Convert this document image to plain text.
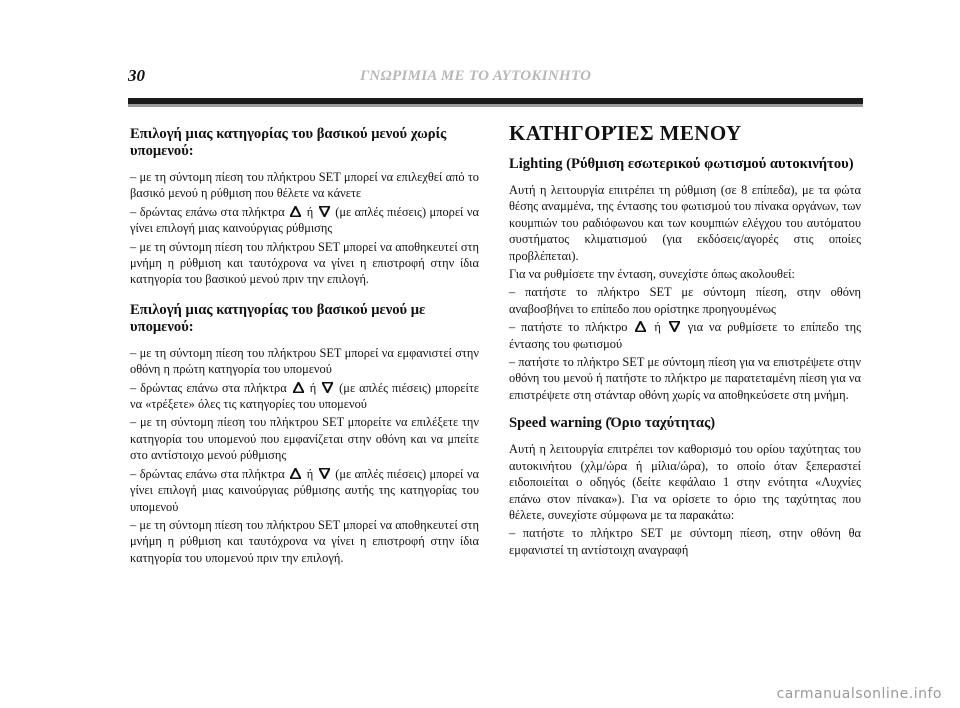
30	ΓΝΩΡΙΜΙΑ ΜΕ ΤΟ ΑΥΤΟΚΙΝΗΤΟ
Επιλογή μιας κατηγορίας του βασικού μενού χωρίς υπομενού:

– με τη σύντομη πίεση του πλήκτρου SET μπορεί να επιλεχθεί από το βασικό μενού η ρύθμιση που θέλετε να κάνετε

– δρώντας επάνω στα πλήκτρα ή (με απλές πιέσεις) μπορεί να γίνει επιλογή μιας καινούργιας ρύθμισης

– με τη σύντομη πίεση του πλήκτρου SET μπορεί να αποθηκευτεί στη μνήμη η ρύθμιση και ταυτόχρονα να γίνει η επιστροφή στην ίδια κατηγορία του βασικού μενού πριν την επιλογή.

Επιλογή μιας κατηγορίας του βασικού μενού με υπομενού:

– με τη σύντομη πίεση του πλήκτρου SET μπορεί να εμφανιστεί στην οθόνη η πρώτη κατηγορία του υπομενού

– δρώντας επάνω στα πλήκτρα ή (με απλές πιέσεις) μπορείτε να «τρέξετε» όλες τις κατηγορίες του υπομενού

– με τη σύντομη πίεση του πλήκτρου SET μπορείτε να επιλέξετε την κατηγορία του υπομενού που εμφανίζεται στην οθόνη και να μπείτε στο αντίστοιχο μενού ρύθμισης

– δρώντας επάνω στα πλήκτρα ή (με απλές πιέσεις) μπορεί να γίνει επιλογή μιας καινούργιας ρύθμισης αυτής της κατηγορίας του υπομενού

– με τη σύντομη πίεση του πλήκτρου SET μπορεί να αποθηκευτεί στη μνήμη η ρύθμιση και ταυτόχρονα να γίνει η επιστροφή στην ίδια κατηγορία του υπομενού πριν την επιλογή.

ΚΑΤΗΓΟΡΊΕΣ ΜΕΝΟΥ
Lighting (Ρύθμιση εσωτερικού φωτισμού αυτοκινήτου)

Αυτή η λειτουργία επιτρέπει τη ρύθμιση (σε 8 επίπεδα), με τα φώτα θέσης αναμμένα, της έντασης του φωτισμού του πίνακα οργάνων, των κουμπιών του ραδιόφωνου και των κουμπιών ελέγχου του αυτόματου συστήματος κλιματισμού (για εκδόσεις/αγορές στις οποίες προβλέπεται).

Για να ρυθμίσετε την ένταση, συνεχίστε όπως ακολουθεί:

– πατήστε το πλήκτρο SET με σύντομη πίεση, στην οθόνη αναβοσβήνει το επίπεδο που ορίστηκε προηγουμένως

– πατήστε το πλήκτρο ή για να ρυθμίσετε το επίπεδο της έντασης του φωτισμού

– πατήστε το πλήκτρο SET με σύντομη πίεση για να επιστρέψετε στην οθόνη του μενού ή πατήστε το πλήκτρο με παρατεταμένη πίεση για να επιστρέψετε στη στάνταρ οθόνη χωρίς να αποθηκεύσετε στη μνήμη.

Speed warning (Όριο ταχύτητας)

Αυτή η λειτουργία επιτρέπει τον καθορισμό του ορίου ταχύτητας του αυτοκινήτου (χλμ/ώρα ή μίλια/ώρα), το οποίο όταν ξεπεραστεί ειδοποιείται ο οδηγός (δείτε κεφάλαιο 1 στην ενότητα «Λυχνίες επάνω στον πίνακα»). Για να ορίσετε το όριο της ταχύτητας που θέλετε, συνεχίστε σύμφωνα με τα παρακάτω:

– πατήστε το πλήκτρο SET με σύντομη πίεση, στην οθόνη θα εμφανιστεί τη αντίστοιχη αναγραφή

carmanualsonline.info
